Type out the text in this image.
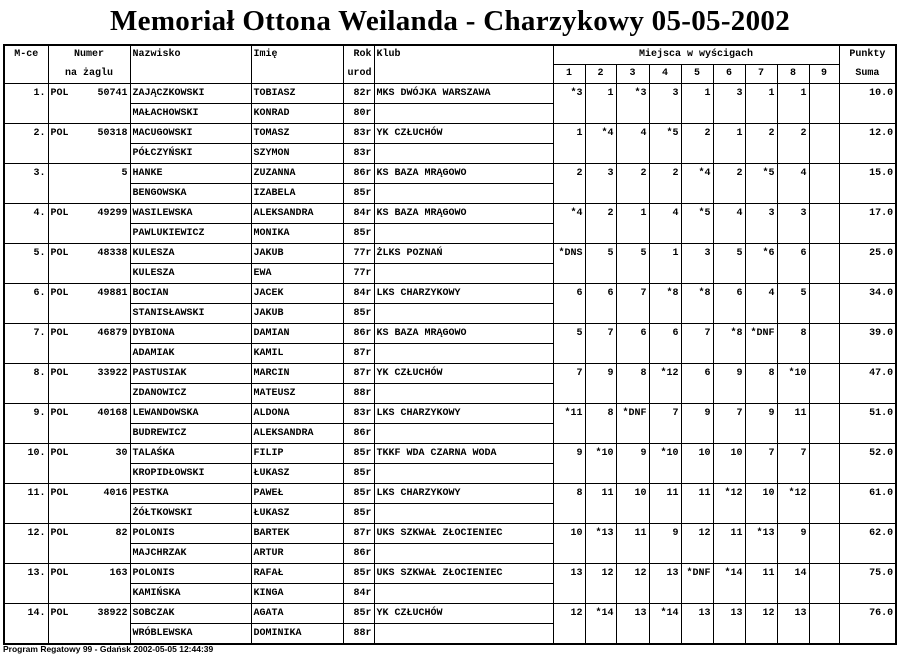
Memoriał Ottona Weilanda - Charzykowy 05-05-2002
M-ce	Numer		Nazwisko	Imię	Rok	Klub	Miejsca w wyścigach									Punkty
	na żaglu				urod		1	2	3	4	5	6	7	8	9	Suma
1.	POL	50741	ZAJĄCZKOWSKI	TOBIASZ	82r	MKS DWÓJKA WARSZAWA	*3	1	*3	3	1	3	1	1		10.0
			MAŁACHOWSKI	KONRAD	80r											
2.	POL	50318	MACUGOWSKI	TOMASZ	83r	YK CZŁUCHÓW	1	*4	4	*5	2	1	2	2		12.0
			PÓŁCZYŃSKI	SZYMON	83r											
3.		5	HANKE	ZUZANNA	86r	KS BAZA MRĄGOWO	2	3	2	2	*4	2	*5	4		15.0
			BENGOWSKA	IZABELA	85r											
4.	POL	49299	WASILEWSKA	ALEKSANDRA	84r	KS BAZA MRĄGOWO	*4	2	1	4	*5	4	3	3		17.0
			PAWLUKIEWICZ	MONIKA	85r											
5.	POL	48338	KULESZA	JAKUB	77r	ŻLKS POZNAŃ	*DNS	5	5	1	3	5	*6	6		25.0
			KULESZA	EWA	77r											
6.	POL	49881	BOCIAN	JACEK	84r	LKS CHARZYKOWY	6	6	7	*8	*8	6	4	5		34.0
			STANISŁAWSKI	JAKUB	85r											
7.	POL	46879	DYBIONA	DAMIAN	86r	KS BAZA MRĄGOWO	5	7	6	6	7	*8	*DNF	8		39.0
			ADAMIAK	KAMIL	87r											
8.	POL	33922	PASTUSIAK	MARCIN	87r	YK CZŁUCHÓW	7	9	8	*12	6	9	8	*10		47.0
			ZDANOWICZ	MATEUSZ	88r											
9.	POL	40168	LEWANDOWSKA	ALDONA	83r	LKS CHARZYKOWY	*11	8	*DNF	7	9	7	9	11		51.0
			BUDREWICZ	ALEKSANDRA	86r											
10.	POL	30	TALAŚKA	FILIP	85r	TKKF WDA CZARNA WODA	9	*10	9	*10	10	10	7	7		52.0
			KROPIDŁOWSKI	ŁUKASZ	85r											
11.	POL	4016	PESTKA	PAWEŁ	85r	LKS CHARZYKOWY	8	11	10	11	11	*12	10	*12		61.0
			ŻÓŁTKOWSKI	ŁUKASZ	85r											
12.	POL	82	POLONIS	BARTEK	87r	UKS SZKWAŁ ZŁOCIENIEC	10	*13	11	9	12	11	*13	9		62.0
			MAJCHRZAK	ARTUR	86r											
13.	POL	163	POLONIS	RAFAŁ	85r	UKS SZKWAŁ ZŁOCIENIEC	13	12	12	13	*DNF	*14	11	14		75.0
			KAMIŃSKA	KINGA	84r											
14.	POL	38922	SOBCZAK	AGATA	85r	YK CZŁUCHÓW	12	*14	13	*14	13	13	12	13		76.0
			WRÓBLEWSKA	DOMINIKA	88r											
Program Regatowy 99 - Gdańsk 2002-05-05 12:44:39
